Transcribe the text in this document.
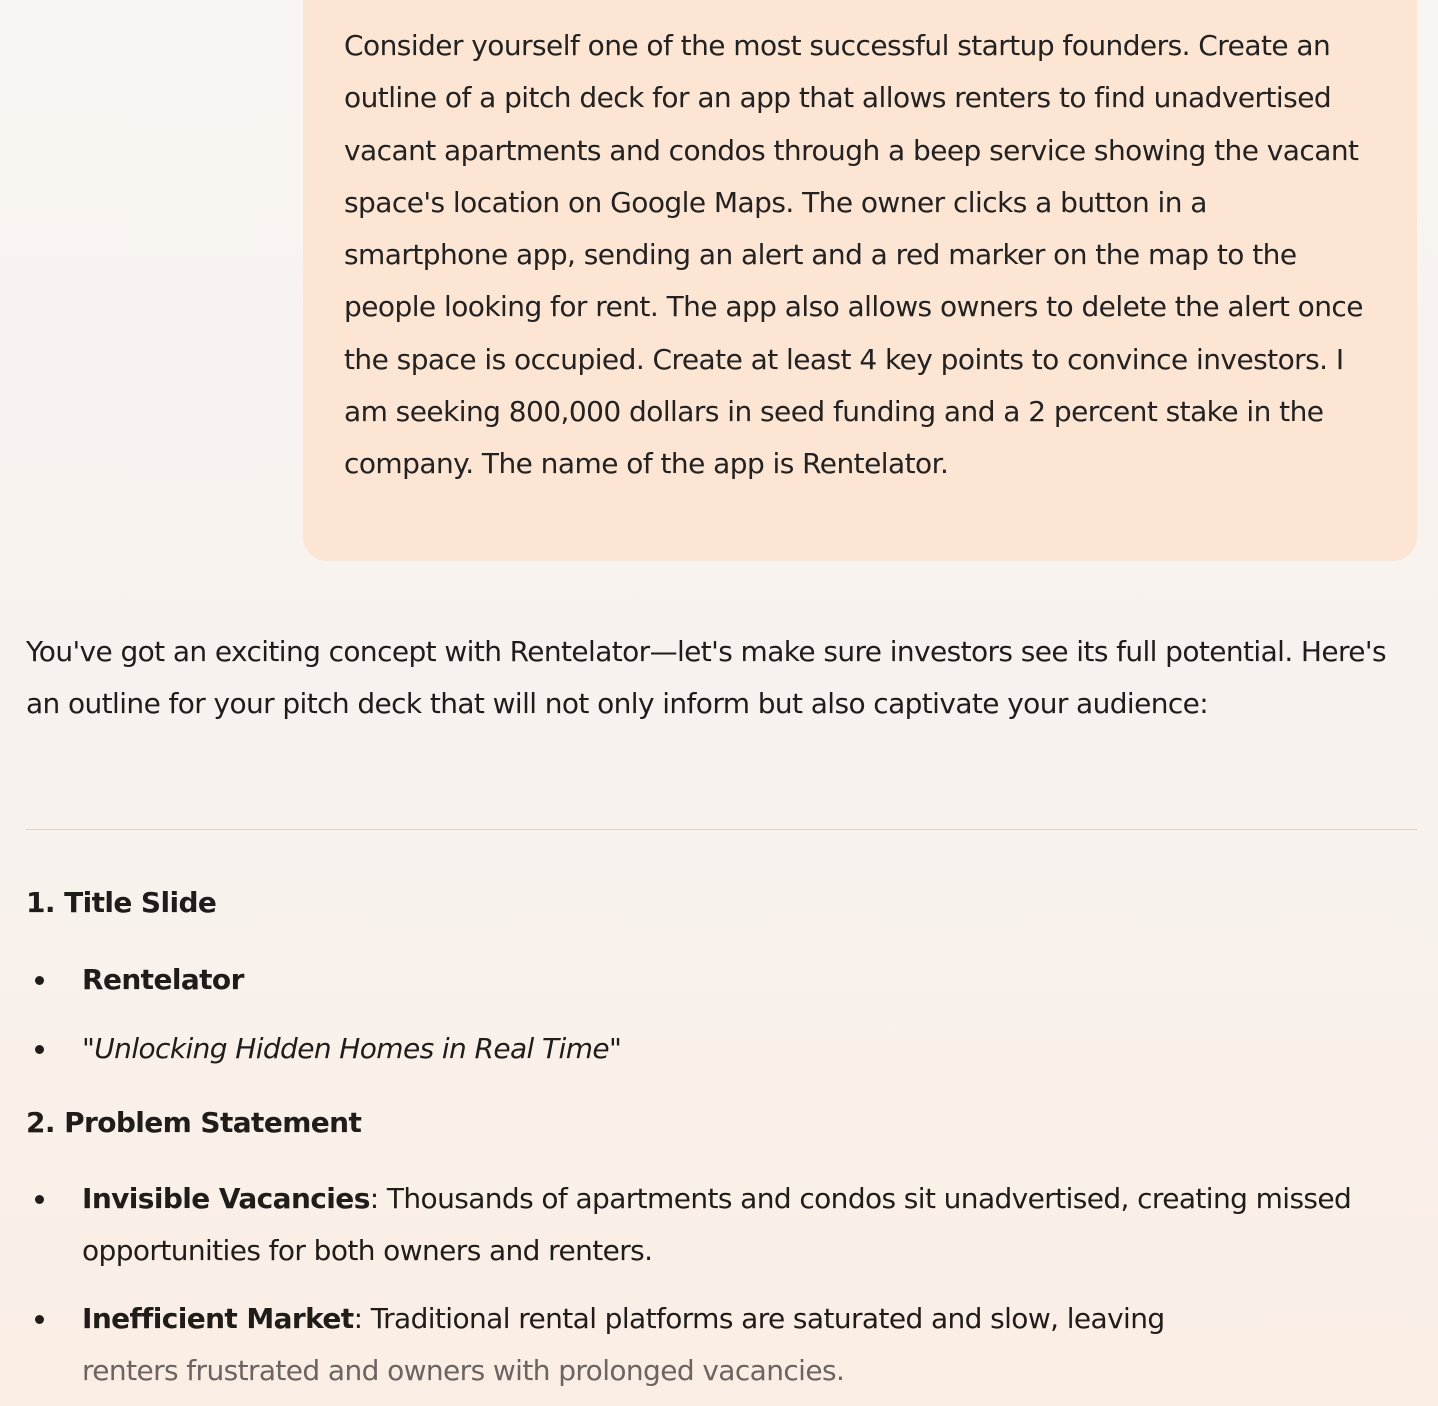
Consider yourself one of the most successful startup founders. Create an outline of a pitch deck for an app that allows renters to find unadvertised vacant apartments and condos through a beep service showing the vacant space's location on Google Maps. The owner clicks a button in a smartphone app, sending an alert and a red marker on the map to the people looking for rent. The app also allows owners to delete the alert once the space is occupied. Create at least 4 key points to convince investors. I am seeking 800,000 dollars in seed funding and a 2 percent stake in the company. The name of the app is Rentelator.

You've got an exciting concept with Rentelator—let's make sure investors see its full potential. Here's an outline for your pitch deck that will not only inform but also captivate your audience:

1. Title Slide

Rentelator
"Unlocking Hidden Homes in Real Time"

2. Problem Statement

Invisible Vacancies: Thousands of apartments and condos sit unadvertised, creating missed opportunities for both owners and renters.
Inefficient Market: Traditional rental platforms are saturated and slow, leaving
renters frustrated and owners with prolonged vacancies.
